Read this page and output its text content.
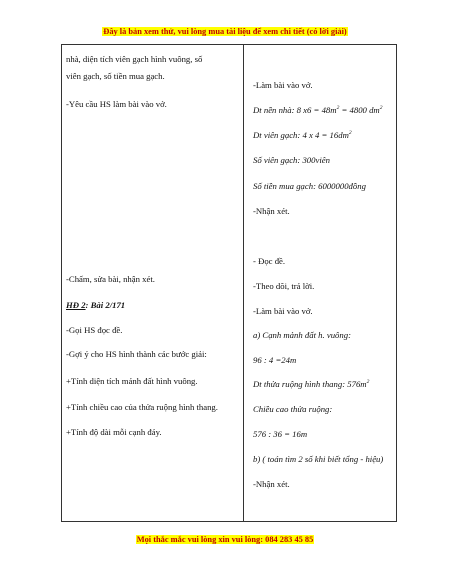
Đây là bản xem thử, vui lòng mua tài liệu để xem chi tiết (có lời giải)
nhà, diện tích viên gạch hình vuông, số
viên gạch, số tiền mua gạch.
-Yêu cầu HS làm bài vào vở.
-Chấm, sửa bài, nhận xét.
HĐ 2: Bài 2/171
-Gọi HS đọc đề.
-Gợi ý cho HS hình thành các bước giải:
+Tính diện tích mảnh đất hình vuông.
+Tính chiều cao của thửa ruộng hình thang.
+Tính độ dài mỗi cạnh đáy.
-Làm bài vào vở.
Dt nền nhà: 8 $x6 = 48m^2 = 4800$ $dm^2$
Dt viên gạch: 4 x $4 = 16dm^2$
Số viên gạch: 300viên
Số tiền mua gạch: 6000000đồng
-Nhận xét.
- Đọc đề.
-Theo dõi, trả lời.
-Làm bài vào vở.
a) Cạnh mảnh đất h. vuông:
96 : 4 =24m
Dt thửa ruộng hình thang: $576m^2$
Chiều cao thửa ruộng:
576 : 36 = 16m
b) ( toán tìm 2 số khi biết tổng - hiệu)
-Nhận xét.
Mọi thắc mắc vui lòng xin vui lòng: 084 283 45 85
